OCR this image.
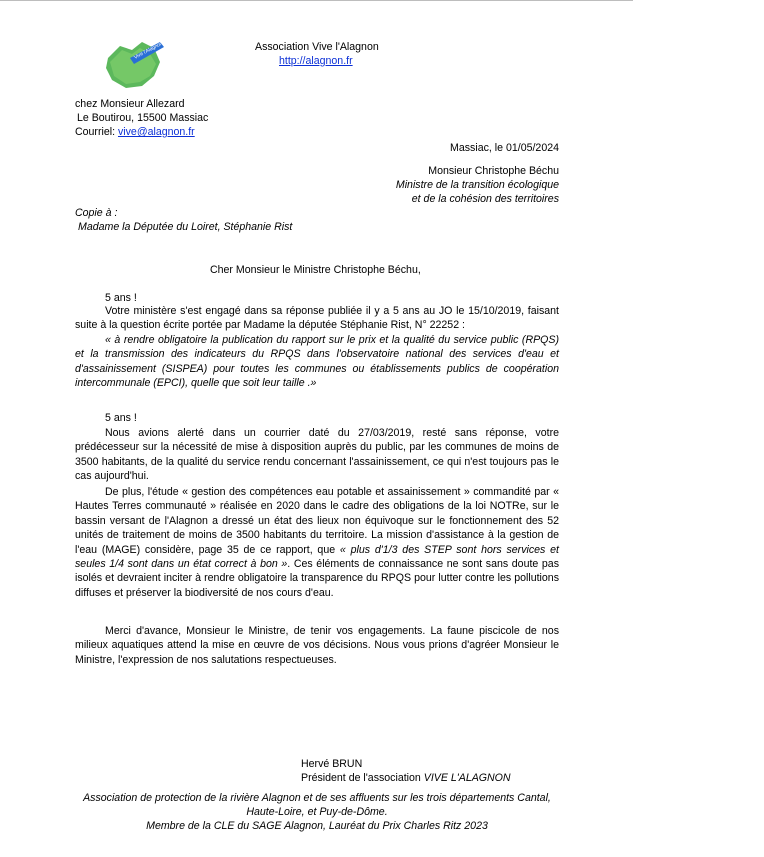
Vive l'Alagnon	Association Vive l'Alagnon
http://alagnon.fr
chez Monsieur Allezard
Le Boutirou, 15500 Massiac
Courriel: vive@alagnon.fr
Massiac, le 01/05/2024
Monsieur Christophe Béchu
Ministre de la transition écologique
et de la cohésion des territoires
Copie à :
Madame la Députée du Loiret, Stéphanie Rist
Cher Monsieur le Ministre Christophe Béchu,
5 ans !
Votre ministère s'est engagé dans sa réponse publiée il y a 5 ans au JO le 15/10/2019, faisant suite à la question écrite portée par Madame la députée Stéphanie Rist, N° 22252 :
« à rendre obligatoire la publication du rapport sur le prix et la qualité du service public (RPQS) et la transmission des indicateurs du RPQS dans l'observatoire national des services d'eau et d'assainissement (SISPEA) pour toutes les communes ou établissements publics de coopération intercommunale (EPCI), quelle que soit leur taille .»
5 ans !
Nous avions alerté dans un courrier daté du 27/03/2019, resté sans réponse, votre prédécesseur sur la nécessité de mise à disposition auprès du public, par les communes de moins de 3500 habitants, de la qualité du service rendu concernant l'assainissement, ce qui n'est toujours pas le cas aujourd'hui.
De plus, l'étude « gestion des compétences eau potable et assainissement » commandité par « Hautes Terres communauté » réalisée en 2020 dans le cadre des obligations de la loi NOTRe, sur le bassin versant de l'Alagnon a dressé un état des lieux non équivoque sur le fonctionnement des 52 unités de traitement de moins de 3500 habitants du territoire. La mission d'assistance à la gestion de l'eau (MAGE) considère, page 35 de ce rapport, que « plus d'1/3 des STEP sont hors services et seules 1/4 sont dans un état correct à bon ». Ces éléments de connaissance ne sont sans doute pas isolés et devraient inciter à rendre obligatoire la transparence du RPQS pour lutter contre les pollutions diffuses et préserver la biodiversité de nos cours d'eau.
Merci d'avance, Monsieur le Ministre, de tenir vos engagements. La faune piscicole de nos milieux aquatiques attend la mise en œuvre de vos décisions. Nous vous prions d'agréer Monsieur le Ministre, l'expression de nos salutations respectueuses.
Hervé BRUN
Président de l'association VIVE L'ALAGNON
Association de protection de la rivière Alagnon et de ses affluents sur les trois départements Cantal,
Haute-Loire, et Puy-de-Dôme.
Membre de la CLE du SAGE Alagnon, Lauréat du Prix Charles Ritz 2023
